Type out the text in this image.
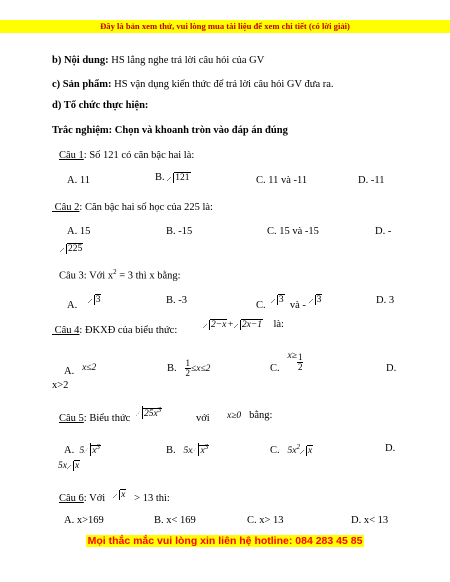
Đây là bản xem thử, vui lòng mua tài liệu để xem chi tiết (có lời giải)
b) Nội dung: HS lắng nghe trả lời câu hỏi của GV
c) Sản phẩm: HS vận dụng kiến thức để trả lời câu hỏi GV đưa ra.
d) Tổ chức thực hiện:
Trắc nghiệm: Chọn và khoanh tròn vào đáp án đúng
Câu 1: Số 121 có căn bậc hai là:
A. 11	B. 121	C. 11 và -11	D. -11
Câu 2: Căn bậc hai số học của 225 là:
A. 15	B. -15	C. 15 và -15	D. -
225
Câu 3: Với $x^2 = 3$ thì x bằng:
A. 3	B. -3	C. 3 và - 3	D. 3
Câu 4: ĐKXĐ của biểu thức:	2−x+ 2x−1 là:
A. x≤2	B. $\frac{1}{2} \le x\le 2$	C.   $x\ge \frac{1}{2}$	D.
x>2
Câu 5: Biểu thức	$25x^3$
với	x≥0 bằng:
A. 5 $x^3$	B. 5x $x^3$	C. $5x^2$ x	D.
5x x
Câu 6: Với x > 13 thì:
A. x>169	B. x< 169	C. x> 13	D. x< 13
Mọi thắc mắc vui lòng xin liên hệ hotline: 084 283 45 85
